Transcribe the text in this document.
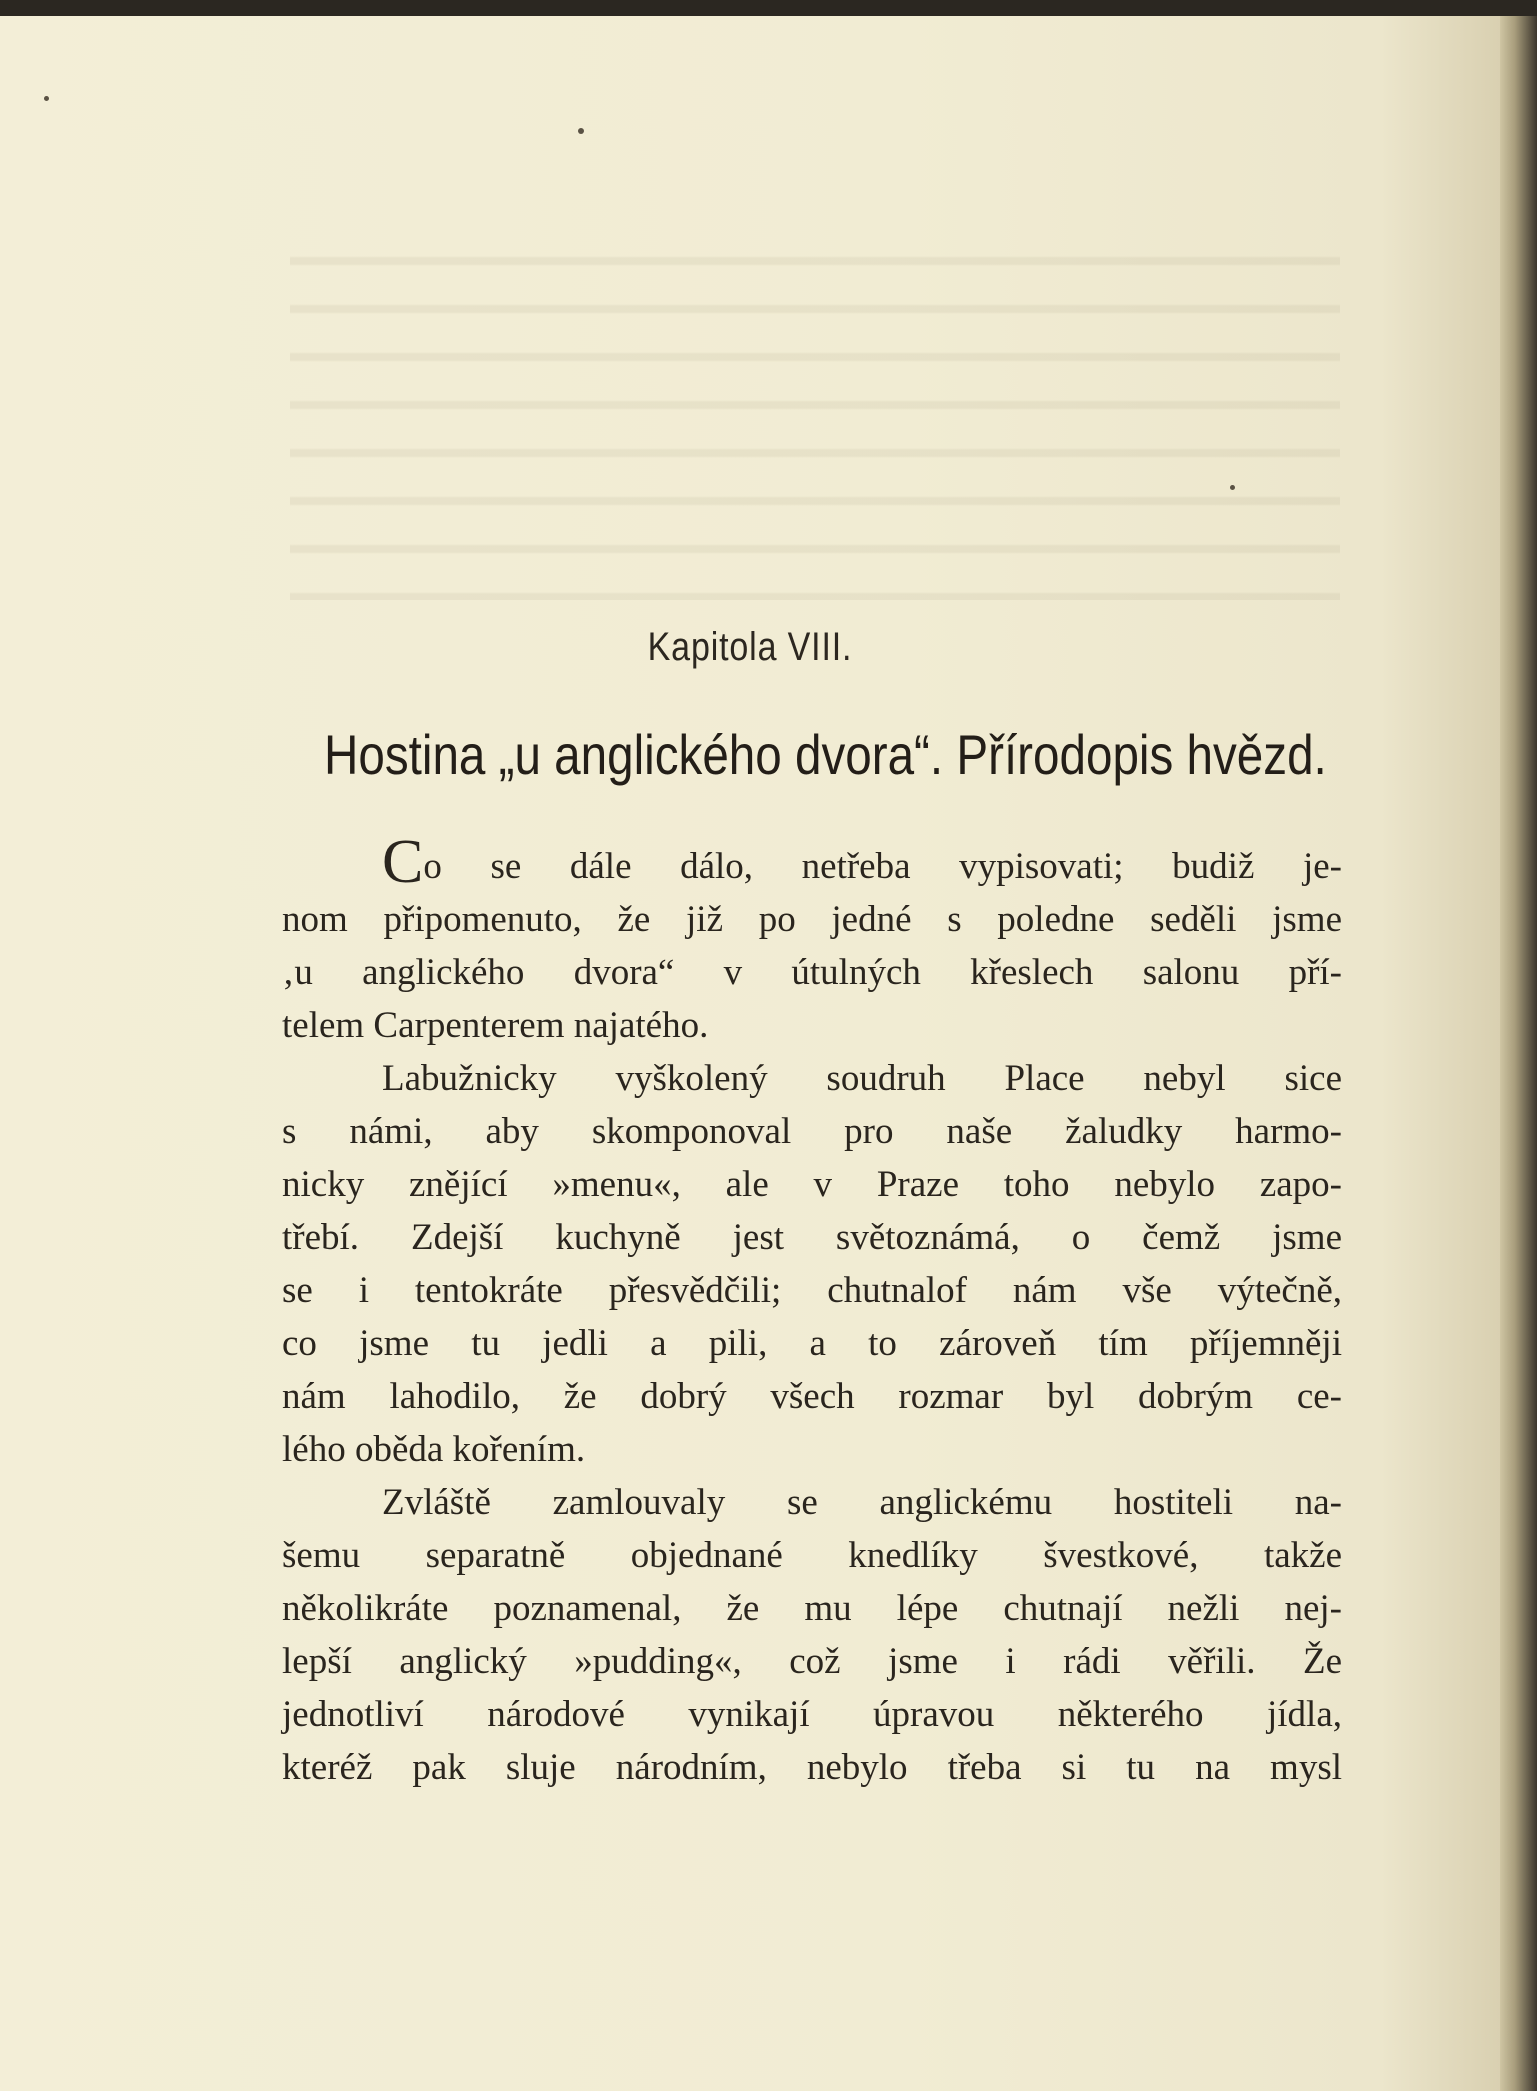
Kapitola VIII.
Hostina „u anglického dvora“. Přírodopis hvězd.
Co se dále dálo, netřeba vypisovati; budiž je-
nom připomenuto, že již po jedné s poledne seděli jsme
‚u anglického dvora“ v útulných křeslech salonu pří-
telem Carpenterem najatého.
Labužnicky vyškolený soudruh Place nebyl sice
s námi, aby skomponoval pro naše žaludky harmo-
nicky znějící »menu«, ale v Praze toho nebylo zapo-
třebí. Zdejší kuchyně jest světoznámá, o čemž jsme
se i tentokráte přesvědčili; chutnalof nám vše výtečně,
co jsme tu jedli a pili, a to zároveň tím příjemněji
nám lahodilo, že dobrý všech rozmar byl dobrým ce-
lého oběda kořením.
Zvláště zamlouvaly se anglickému hostiteli na-
šemu separatně objednané knedlíky švestkové, takže
několikráte poznamenal, že mu lépe chutnají nežli nej-
lepší anglický »pudding«, což jsme i rádi věřili. Že
jednotliví národové vynikají úpravou některého jídla,
kteréž pak sluje národním, nebylo třeba si tu na mysl
